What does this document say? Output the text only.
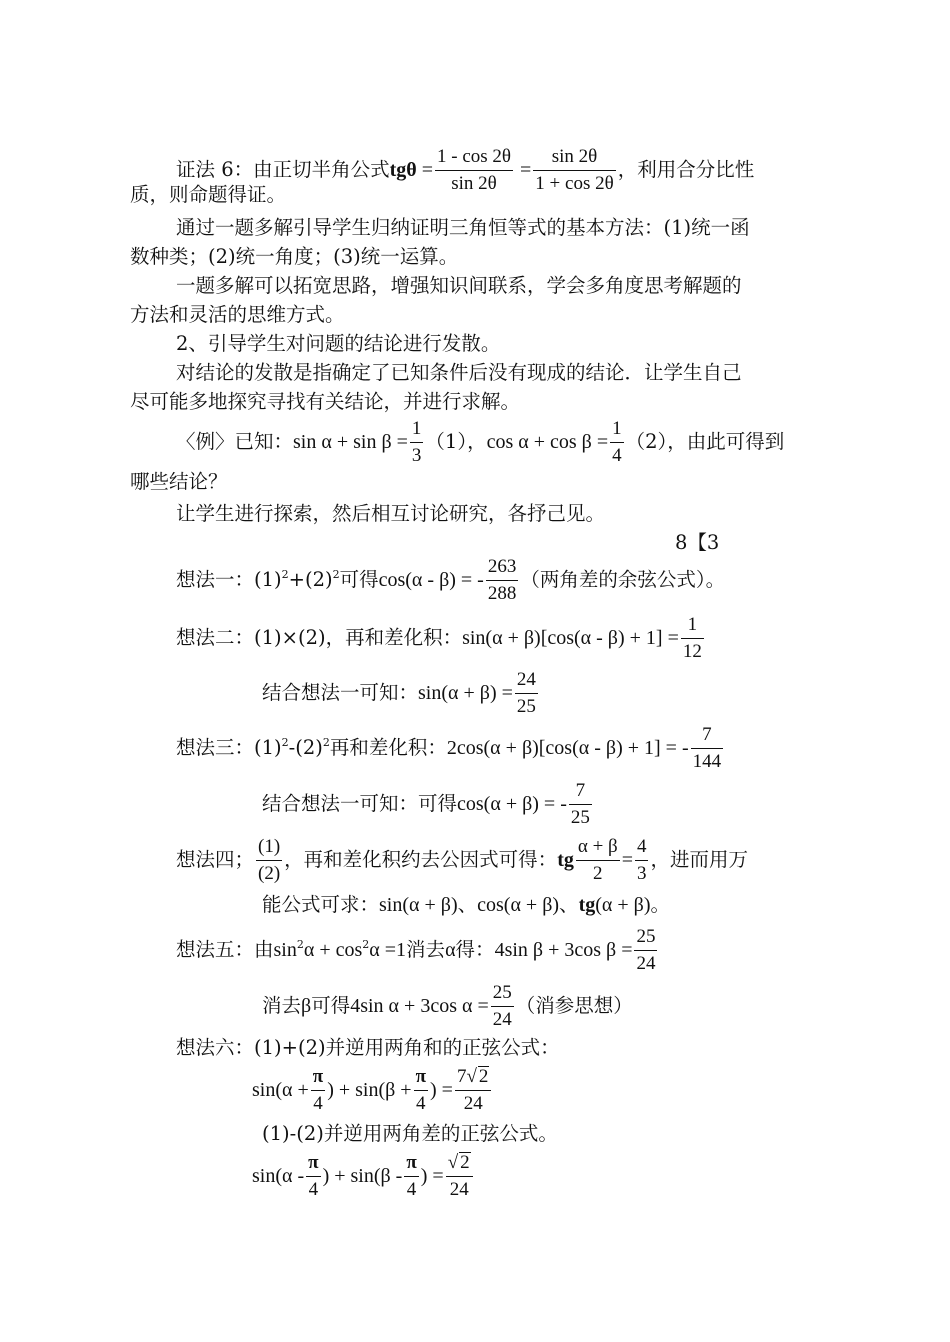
证法 6：由正切半角公式$tg\theta = \frac{1 - \cos 2\theta}{\sin 2\theta} = \frac{\sin 2\theta}{1 + \cos 2\theta}$ ，利用合分比性
质，则命题得证。
通过一题多解引导学生归纳证明三角恒等式的基本方法：(1)统一函
数种类；(2)统一角度；(3)统一运算。
一题多解可以拓宽思路，增强知识间联系，学会多角度思考解题的
方法和灵活的思维方式。
2、引导学生对问题的结论进行发散。
对结论的发散是指确定了已知条件后没有现成的结论．让学生自己
尽可能多地探究寻找有关结论，并进行求解。
〈例〉已知：$\sin \alpha + \sin \beta = \frac{1}{3} (1)$，$\cos \alpha + \cos \beta = \frac{1}{4} (2)$，由此可得到
哪些结论？
让学生进行探索，然后相互讨论研究，各抒己见。
8【3
想法一：$(1)^2+(2)^2$可得cos(α - β) = - $\frac{263}{288}$ （两角差的余弦公式）。
想法二：(1)×(2)，再和差化积：$\sin(\alpha + \beta)[\cos(\alpha - \beta) + 1] = \frac{1}{12}$
结合想法一可知：$\sin(\alpha + \beta) = \frac{24}{25}$
想法三：$(1)^2-(2)^2$再和差化积：2cos(α + β)[cos(α - β) + 1] = - $\frac{7}{144}$
结合想法一可知：可得cos(α + β) = - $\frac{7}{25}$
想法四； $\frac{(1)}{(2)}$ ，再和差化积约去公因式可得：tg $\frac{\alpha + \beta}{2} = \frac{4}{3}$ ，进而用万
能公式可求：sin(α + β)、cos(α + β)、tg(α + β)。
想法五：由$\sin^2\alpha + \cos^2\alpha =1$消去α得：4sin β + 3cos $\beta = \frac{25}{24}$
消去β可得4sin α + 3cos $\alpha = \frac{25}{24}$ （消参思想）
想法六：(1)+(2)并逆用两角和的正弦公式：
$\sin(\alpha + \frac{\pi}{4}$ ) + $\sin(\beta + \frac{\pi}{4}$ ) = $\frac{7√ 2}{24}$
(1)-(2)并逆用两角差的正弦公式。
$\sin(\alpha - \frac{\pi}{4}$ ) + $\sin(\beta - \frac{\pi}{4}$ ) = $\frac{√ 2}{24}$
